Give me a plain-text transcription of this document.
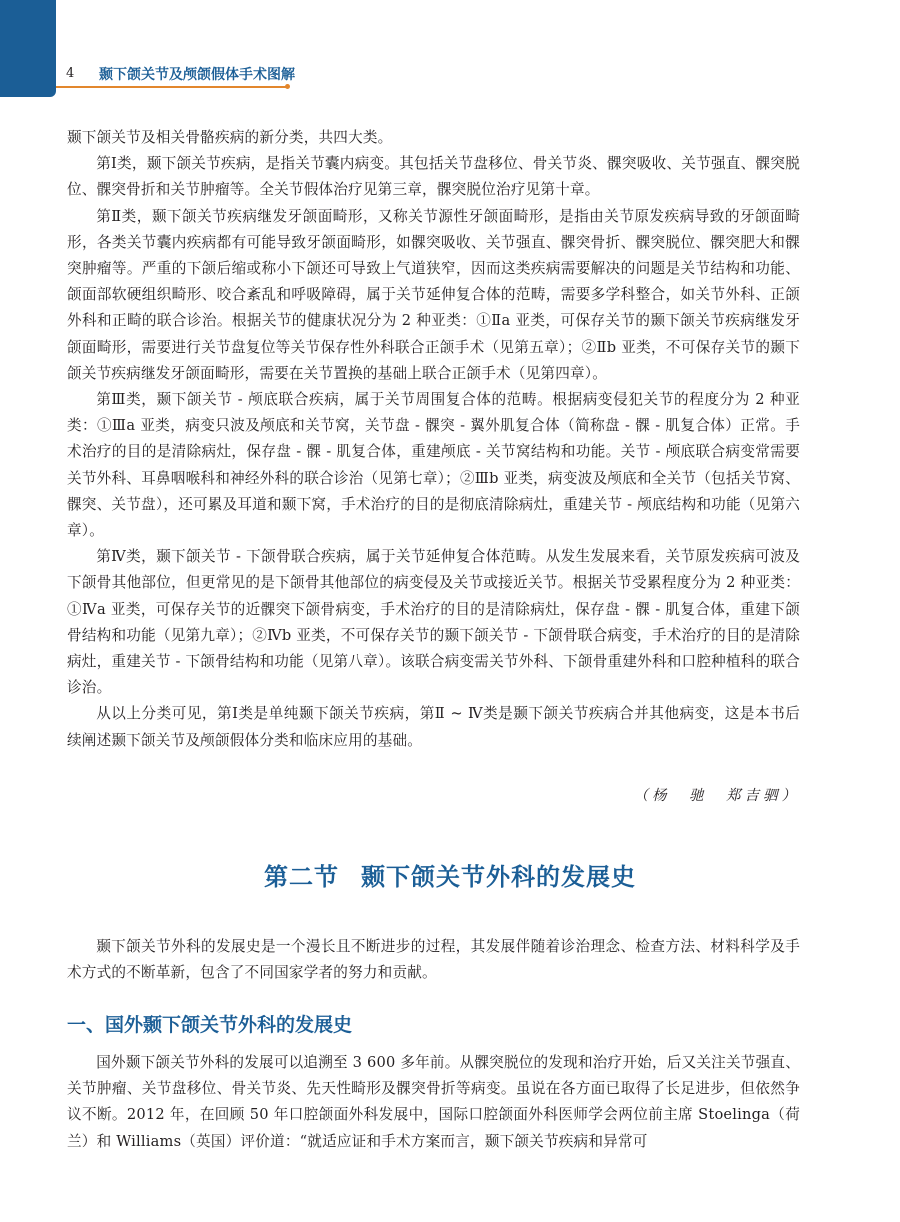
4 颞下颌关节及颅颌假体手术图解

颞下颌关节及相关骨骼疾病的新分类，共四大类。

第Ⅰ类，颞下颌关节疾病，是指关节囊内病变。其包括关节盘移位、骨关节炎、髁突吸收、关节强直、髁突脱位、髁突骨折和关节肿瘤等。全关节假体治疗见第三章，髁突脱位治疗见第十章。

第Ⅱ类，颞下颌关节疾病继发牙颌面畸形，又称关节源性牙颌面畸形，是指由关节原发疾病导致的牙颌面畸形，各类关节囊内疾病都有可能导致牙颌面畸形，如髁突吸收、关节强直、髁突骨折、髁突脱位、髁突肥大和髁突肿瘤等。严重的下颌后缩或称小下颌还可导致上气道狭窄，因而这类疾病需要解决的问题是关节结构和功能、颌面部软硬组织畸形、咬合紊乱和呼吸障碍，属于关节延伸复合体的范畴，需要多学科整合，如关节外科、正颌外科和正畸的联合诊治。根据关节的健康状况分为 2 种亚类：①Ⅱa 亚类，可保存关节的颞下颌关节疾病继发牙颌面畸形，需要进行关节盘复位等关节保存性外科联合正颌手术（见第五章）；②Ⅱb 亚类，不可保存关节的颞下颌关节疾病继发牙颌面畸形，需要在关节置换的基础上联合正颌手术（见第四章）。

第Ⅲ类，颞下颌关节 - 颅底联合疾病，属于关节周围复合体的范畴。根据病变侵犯关节的程度分为 2 种亚类：①Ⅲa 亚类，病变只波及颅底和关节窝，关节盘 - 髁突 - 翼外肌复合体（简称盘 - 髁 - 肌复合体）正常。手术治疗的目的是清除病灶，保存盘 - 髁 - 肌复合体，重建颅底 - 关节窝结构和功能。关节 - 颅底联合病变常需要关节外科、耳鼻咽喉科和神经外科的联合诊治（见第七章）；②Ⅲb 亚类，病变波及颅底和全关节（包括关节窝、髁突、关节盘），还可累及耳道和颞下窝，手术治疗的目的是彻底清除病灶，重建关节 - 颅底结构和功能（见第六章）。

第Ⅳ类，颞下颌关节 - 下颌骨联合疾病，属于关节延伸复合体范畴。从发生发展来看，关节原发疾病可波及下颌骨其他部位，但更常见的是下颌骨其他部位的病变侵及关节或接近关节。根据关节受累程度分为 2 种亚类：①Ⅳa 亚类，可保存关节的近髁突下颌骨病变，手术治疗的目的是清除病灶，保存盘 - 髁 - 肌复合体，重建下颌骨结构和功能（见第九章）；②Ⅳb 亚类，不可保存关节的颞下颌关节 - 下颌骨联合病变，手术治疗的目的是清除病灶，重建关节 - 下颌骨结构和功能（见第八章）。该联合病变需关节外科、下颌骨重建外科和口腔种植科的联合诊治。

从以上分类可见，第Ⅰ类是单纯颞下颌关节疾病，第Ⅱ ~ Ⅳ类是颞下颌关节疾病合并其他病变，这是本书后续阐述颞下颌关节及颅颌假体分类和临床应用的基础。

（杨　驰　郑吉驷）
第二节 颞下颌关节外科的发展史

颞下颌关节外科的发展史是一个漫长且不断进步的过程，其发展伴随着诊治理念、检查方法、材料科学及手术方式的不断革新，包含了不同国家学者的努力和贡献。

一、国外颞下颌关节外科的发展史

国外颞下颌关节外科的发展可以追溯至 3 600 多年前。从髁突脱位的发现和治疗开始，后又关注关节强直、关节肿瘤、关节盘移位、骨关节炎、先天性畸形及髁突骨折等病变。虽说在各方面已取得了长足进步，但依然争议不断。2012 年，在回顾 50 年口腔颌面外科发展中，国际口腔颌面外科医师学会两位前主席 Stoelinga（荷兰）和 Williams（英国）评价道：“就适应证和手术方案而言，颞下颌关节疾病和异常可
